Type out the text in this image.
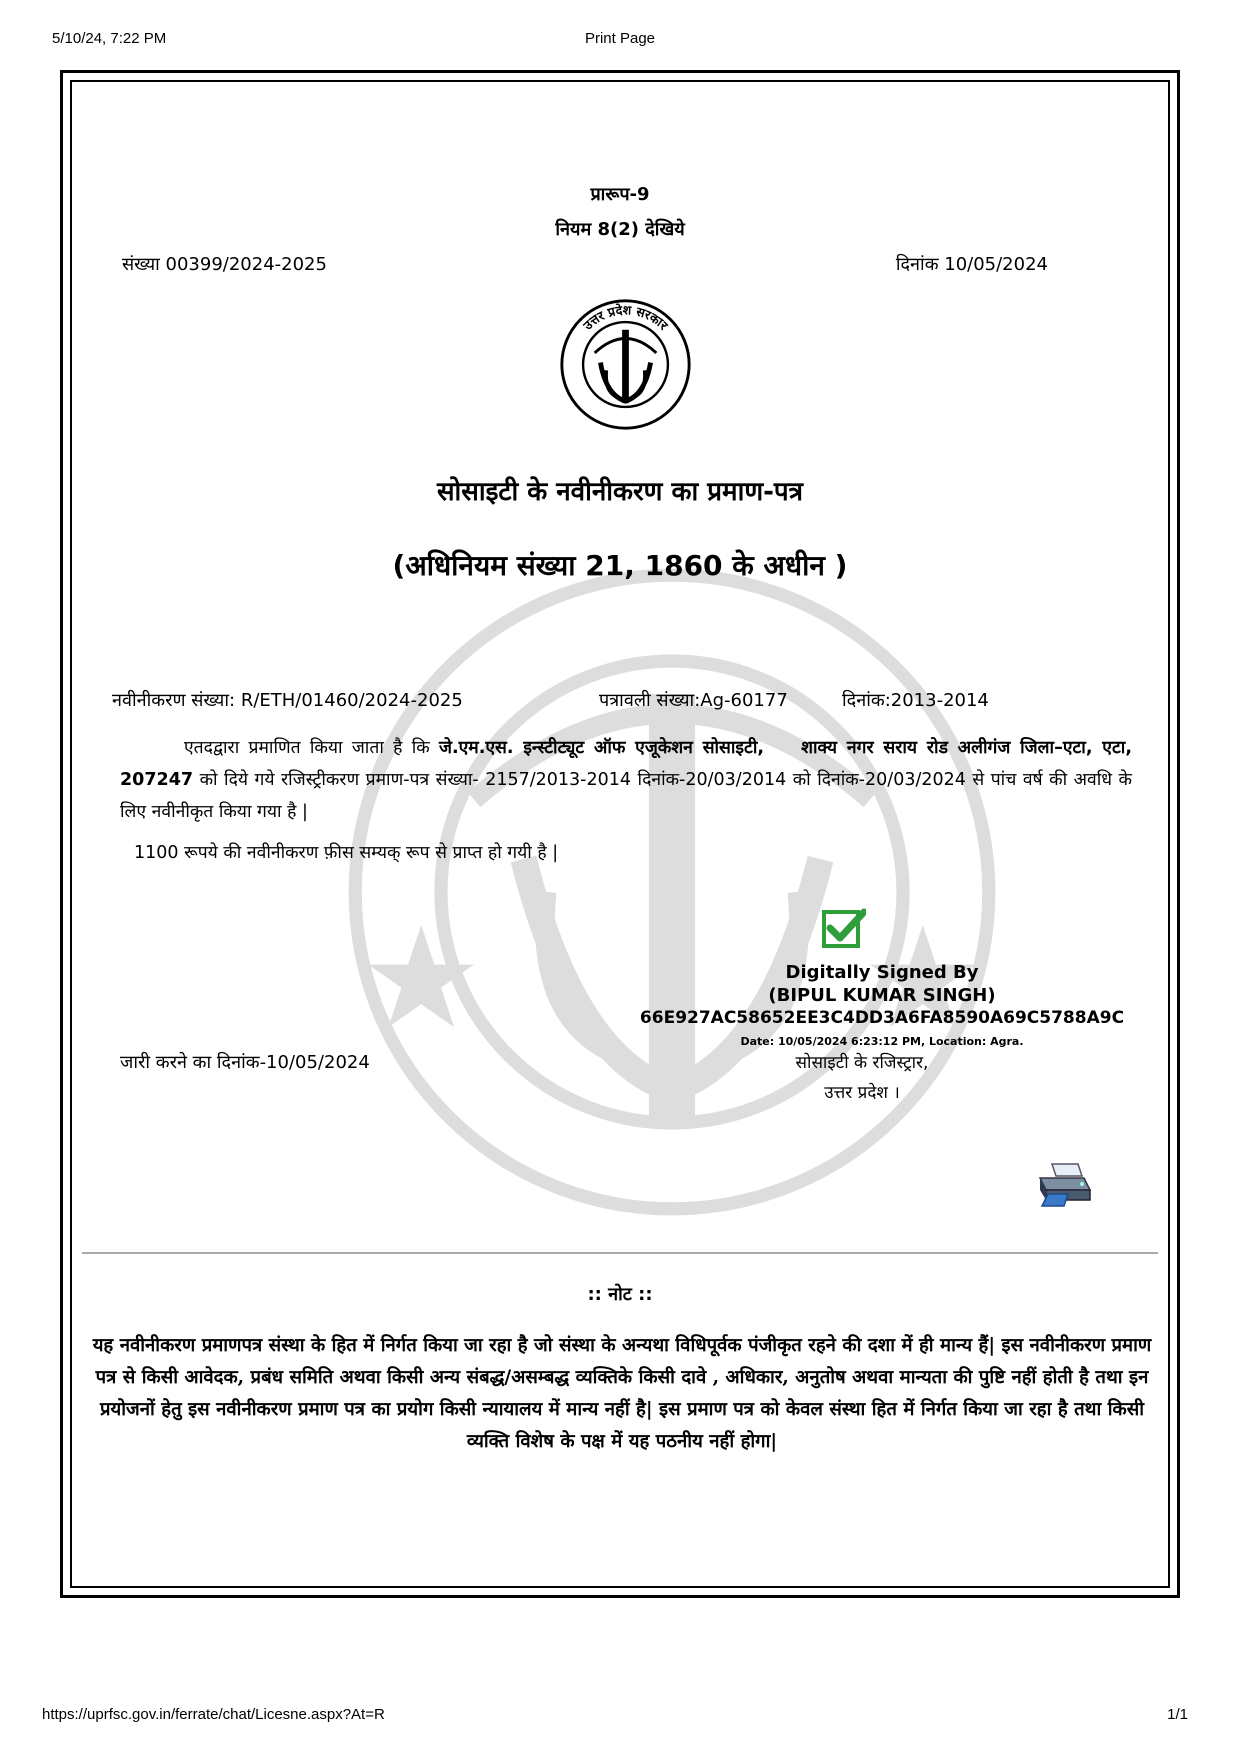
5/10/24, 7:22 PM	Print Page
प्रारूप-9
नियम 8(2) देखिये
संख्या 00399/2024-2025	दिनांक 10/05/2024
उत्तर प्रदेश सरकार
सोसाइटी के नवीनीकरण का प्रमाण-पत्र
(अधिनियम संख्या 21, 1860 के अधीन )
नवीनीकरण संख्या: R/ETH/01460/2024-2025	पत्रावली संख्या:Ag-60177	दिनांक:2013-2014
एतदद्वारा प्रमाणित किया जाता है कि जे.एम.एस. इन्स्टीट्यूट ऑफ एजूकेशन सोसाइटी, शाक्य नगर सराय रोड अलीगंज जिला–एटा, एटा, 207247 को दिये गये रजिस्ट्रीकरण प्रमाण-पत्र संख्या- 2157/2013-2014 दिनांक-20/03/2014 को दिनांक-20/03/2024 से पांच वर्ष की अवधि के लिए नवीनीकृत किया गया है |
1100 रूपये की नवीनीकरण फ़ीस सम्यक् रूप से प्राप्त हो गयी है |
Digitally Signed By
(BIPUL KUMAR SINGH)
66E927AC58652EE3C4DD3A6FA8590A69C5788A9C
Date: 10/05/2024 6:23:12 PM, Location: Agra.
जारी करने का दिनांक-10/05/2024	सोसाइटी के रजिस्ट्रार,
उत्तर प्रदेश ।
:: नोट ::
यह नवीनीकरण प्रमाणपत्र संस्था के हित में निर्गत किया जा रहा है जो संस्था के अन्यथा विधिपूर्वक पंजीकृत रहने की दशा में ही मान्य हैं| इस नवीनीकरण प्रमाण पत्र से किसी आवेदक, प्रबंध समिति अथवा किसी अन्य संबद्ध/असम्बद्ध व्यक्तिके किसी दावे , अधिकार, अनुतोष अथवा मान्यता की पुष्टि नहीं होती है तथा इन प्रयोजनों हेतु इस नवीनीकरण प्रमाण पत्र का प्रयोग किसी न्यायालय में मान्य नहीं है| इस प्रमाण पत्र को केवल संस्था हित में निर्गत किया जा रहा है तथा किसी व्यक्ति विशेष के पक्ष में यह पठनीय नहीं होगा|
https://uprfsc.gov.in/ferrate/chat/Licesne.aspx?At=R	1/1
